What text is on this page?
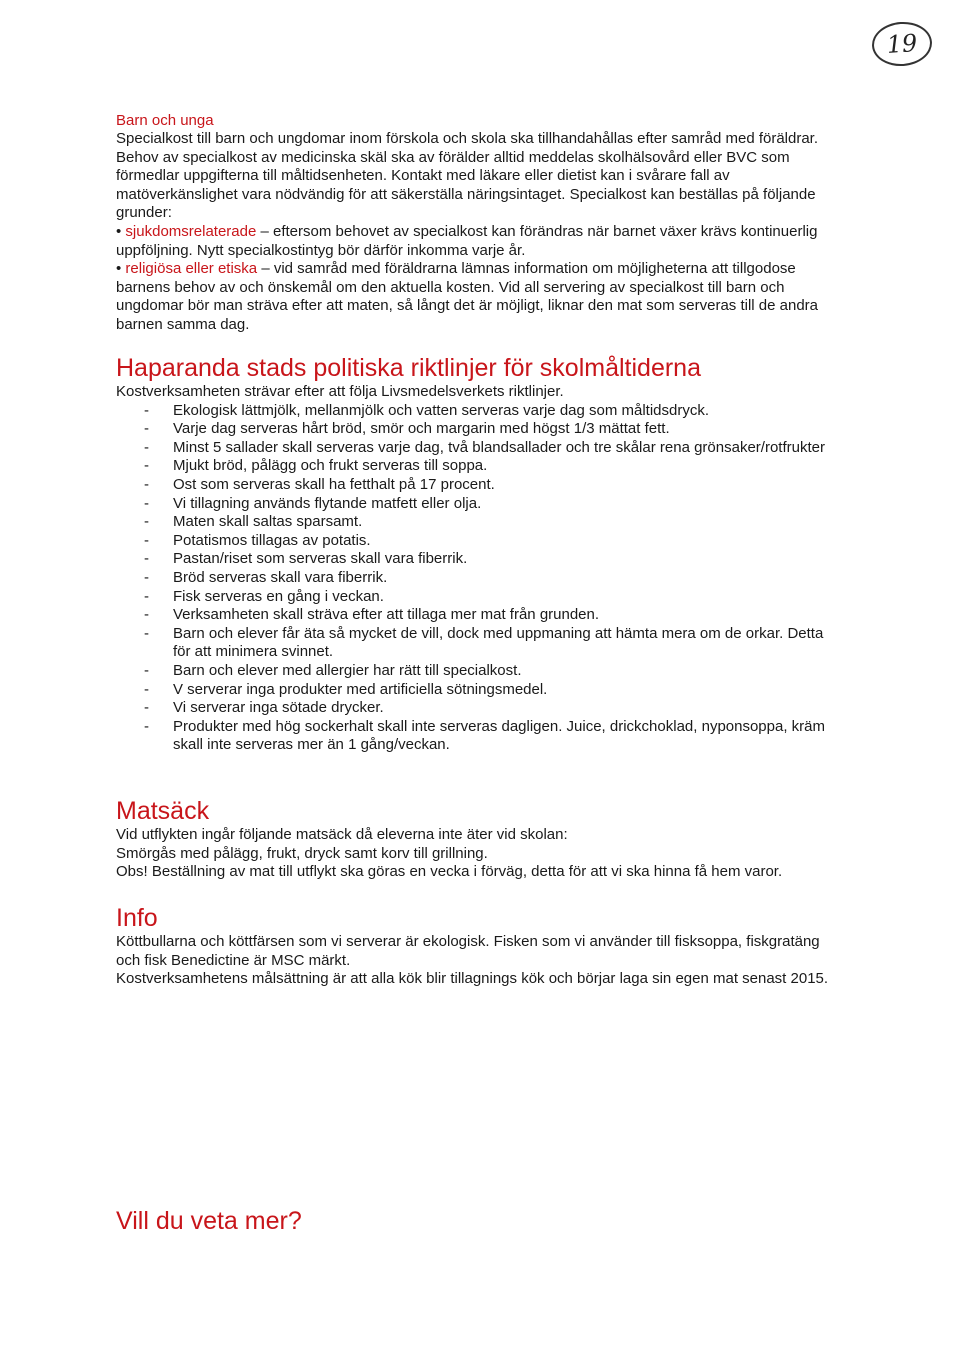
19
Barn och unga

Specialkost till barn och ungdomar inom förskola och skola ska tillhandahållas efter samråd med föräldrar. Behov av specialkost av medicinska skäl ska av förälder alltid meddelas skolhälsovård eller BVC som förmedlar uppgifterna till måltidsenheten. Kontakt med läkare eller dietist kan i svårare fall av matöverkänslighet vara nödvändig för att säkerställa näringsintaget. Specialkost kan beställas på följande grunder:

• sjukdomsrelaterade – eftersom behovet av specialkost kan förändras när barnet växer krävs kontinuerlig uppföljning. Nytt specialkostintyg bör därför inkomma varje år.

• religiösa eller etiska – vid samråd med föräldrarna lämnas information om möjligheterna att tillgodose barnens behov av och önskemål om den aktuella kosten. Vid all servering av specialkost till barn och ungdomar bör man sträva efter att maten, så långt det är möjligt, liknar den mat som serveras till de andra barnen samma dag.

Haparanda stads politiska riktlinjer för skolmåltiderna

Kostverksamheten strävar efter att följa Livsmedelsverkets riktlinjer.

- Ekologisk lättmjölk, mellanmjölk och vatten serveras varje dag som måltidsdryck.
- Varje dag serveras hårt bröd, smör och margarin med högst 1/3 mättat fett.
- Minst 5 sallader skall serveras varje dag, två blandsallader och tre skålar rena grönsaker/rotfrukter
- Mjukt bröd, pålägg och frukt serveras till soppa.
- Ost som serveras skall ha fetthalt på 17 procent.
- Vi tillagning används flytande matfett eller olja.
- Maten skall saltas sparsamt.
- Potatismos tillagas av potatis.
- Pastan/riset som serveras skall vara fiberrik.
- Bröd serveras skall vara fiberrik.
- Fisk serveras en gång i veckan.
- Verksamheten skall sträva efter att tillaga mer mat från grunden.
- Barn och elever får äta så mycket de vill, dock med uppmaning att hämta mera om de orkar. Detta för att minimera svinnet.
- Barn och elever med allergier har rätt till specialkost.
- V serverar inga produkter med artificiella sötningsmedel.
- Vi serverar inga sötade drycker.
- Produkter med hög sockerhalt skall inte serveras dagligen. Juice, drickchoklad, nyponsoppa, kräm skall inte serveras mer än 1 gång/veckan.
Matsäck

Vid utflykten ingår följande matsäck då eleverna inte äter vid skolan:

Smörgås med pålägg, frukt, dryck samt korv till grillning.

Obs! Beställning av mat till utflykt ska göras en vecka i förväg, detta för att vi ska hinna få hem varor.

Info

Köttbullarna och köttfärsen som vi serverar är ekologisk. Fisken som vi använder till fisksoppa, fiskgratäng och fisk Benedictine är MSC märkt.

Kostverksamhetens målsättning är att alla kök blir tillagnings kök och börjar laga sin egen mat senast 2015.

Vill du veta mer?
